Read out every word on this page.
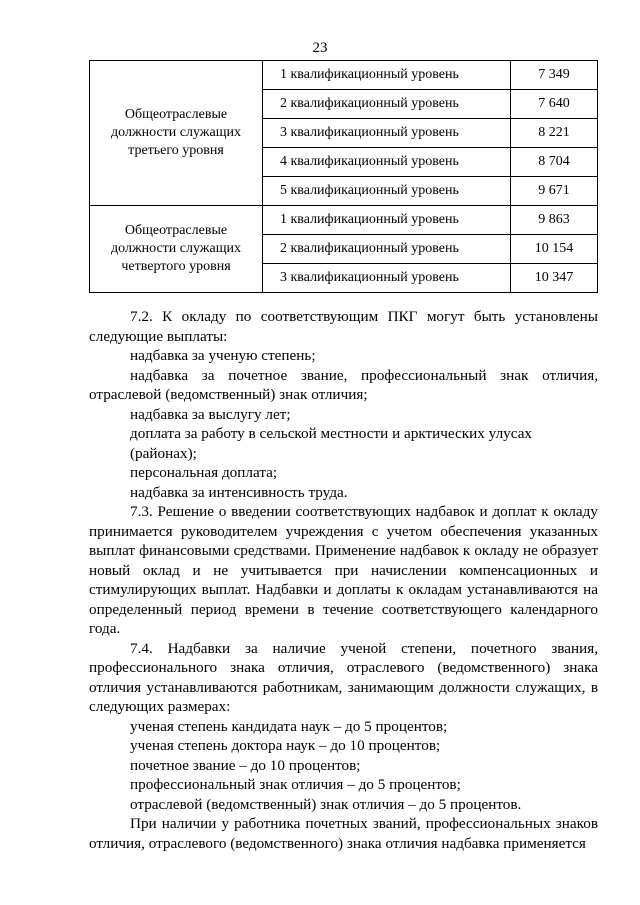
23
Общеотраслевые должности служащих третьего уровня	1 квалификационный уровень	7 349
	2 квалификационный уровень	7 640
	3 квалификационный уровень	8 221
	4 квалификационный уровень	8 704
	5 квалификационный уровень	9 671
Общеотраслевые должности служащих четвертого уровня	1 квалификационный уровень	9 863
	2 квалификационный уровень	10 154
	3 квалификационный уровень	10 347

7.2. К окладу по соответствующим ПКГ могут быть установлены следующие выплаты:

надбавка за ученую степень;

надбавка за почетное звание, профессиональный знак отличия, отраслевой (ведомственный) знак отличия;

надбавка за выслугу лет;

доплата за работу в сельской местности и арктических улусах (районах);

персональная доплата;

надбавка за интенсивность труда.

7.3. Решение о введении соответствующих надбавок и доплат к окладу принимается руководителем учреждения с учетом обеспечения указанных выплат финансовыми средствами. Применение надбавок к окладу не образует новый оклад и не учитывается при начислении компенсационных и стимулирующих выплат. Надбавки и доплаты к окладам устанавливаются на определенный период времени в течение соответствующего календарного года.

7.4. Надбавки за наличие ученой степени, почетного звания, профессионального знака отличия, отраслевого (ведомственного) знака отличия устанавливаются работникам, занимающим должности служащих, в следующих размерах:

ученая степень кандидата наук – до 5 процентов;

ученая степень доктора наук – до 10 процентов;

почетное звание – до 10 процентов;

профессиональный знак отличия – до 5 процентов;

отраслевой (ведомственный) знак отличия – до 5 процентов.

При наличии у работника почетных званий, профессиональных знаков отличия, отраслевого (ведомственного) знака отличия надбавка применяется
